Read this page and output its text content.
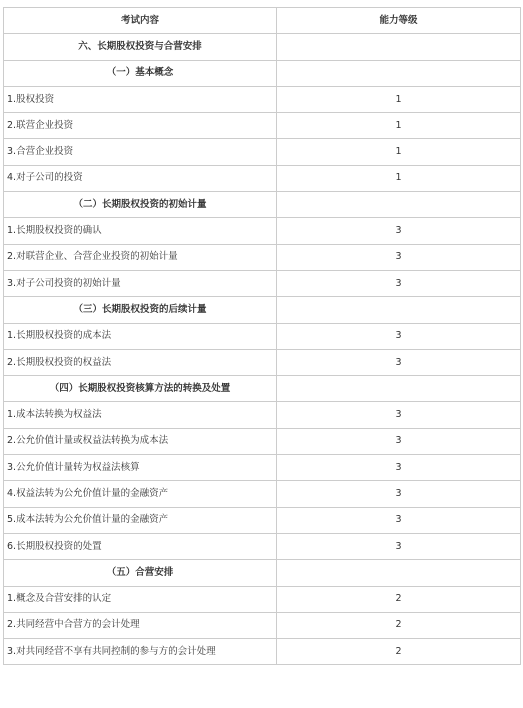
考试内容	能力等级
六、长期股权投资与合营安排	
（一）基本概念	
1.股权投资	1
2.联营企业投资	1
3.合营企业投资	1
4.对子公司的投资	1
（二）长期股权投资的初始计量	
1.长期股权投资的确认	3
2.对联营企业、合营企业投资的初始计量	3
3.对子公司投资的初始计量	3
（三）长期股权投资的后续计量	
1.长期股权投资的成本法	3
2.长期股权投资的权益法	3
（四）长期股权投资核算方法的转换及处置	
1.成本法转换为权益法	3
2.公允价值计量或权益法转换为成本法	3
3.公允价值计量转为权益法核算	3
4.权益法转为公允价值计量的金融资产	3
5.成本法转为公允价值计量的金融资产	3
6.长期股权投资的处置	3
（五）合营安排	
1.概念及合营安排的认定	2
2.共同经营中合营方的会计处理	2
3.对共同经营不享有共同控制的参与方的会计处理	2
